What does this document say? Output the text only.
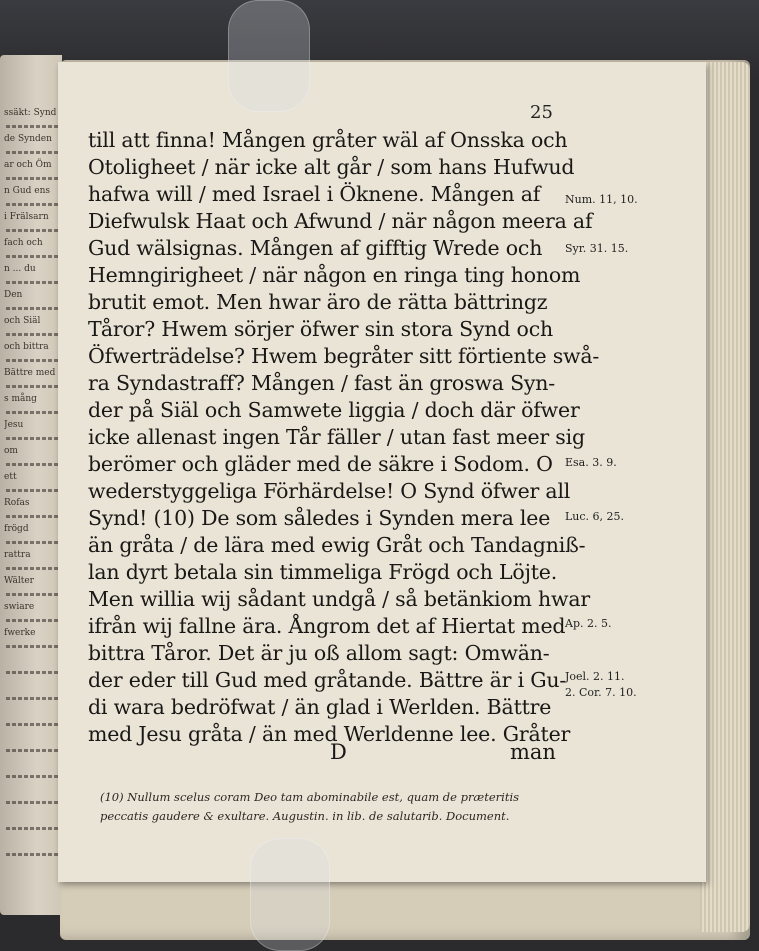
25
till att finna! Mången gråter wäl af Onsska och
Otoligheet / när icke alt går / som hans Hufwud
hafwa will / med Israel i Öknene. Mången af
Diefwulsk Haat och Afwund / när någon meera af
Gud wälsignas. Mången af gifftig Wrede och
Hemngirigheet / när någon en ringa ting honom
brutit emot. Men hwar äro de rätta bättringz
Tåror? Hwem sörjer öfwer sin stora Synd och
Öfwerträdelse? Hwem begråter sitt förtiente swå-
ra Syndastraff? Mången / fast än groswa Syn-
der på Siäl och Samwete liggia / doch där öfwer
icke allenast ingen Tår fäller / utan fast meer sig
berömer och gläder med de säkre i Sodom. O
wederstyggeliga Förhärdelse! O Synd öfwer all
Synd! (10) De som således i Synden mera lee
än gråta / de lära med ewig Gråt och Tandagniß-
lan dyrt betala sin timmeliga Frögd och Löjte.
Men willia wij sådant undgå / så betänkiom hwar
ifrån wij fallne ära. Ångrom det af Hiertat med
bittra Tåror. Det är ju oß allom sagt: Omwän-
der eder till Gud med gråtande. Bättre är i Gu-
di wara bedröfwat / än glad i Werlden. Bättre
med Jesu gråta / än med Werldenne lee. Gråter
D	man
Num. 11, 10.
Syr. 31. 15.
Esa. 3. 9.
Luc. 6, 25.
Ap. 2. 5.
Joel. 2. 11.
2. Cor. 7. 10.
(10) Nullum scelus coram Deo tam abominabile est, quam de præteritis
peccatis gaudere & exultare. Augustin. in lib. de salutarib. Document.
ssäkt: Synd
de Synden
ar och Öm
n Gud ens
i Frälsarn
fach och
n ... du
Den
och Siäl
och bittra
Bättre med
s mång
Jesu
om
ett
Rofas
frögd
rattra
Wälter
swiare
fwerke
